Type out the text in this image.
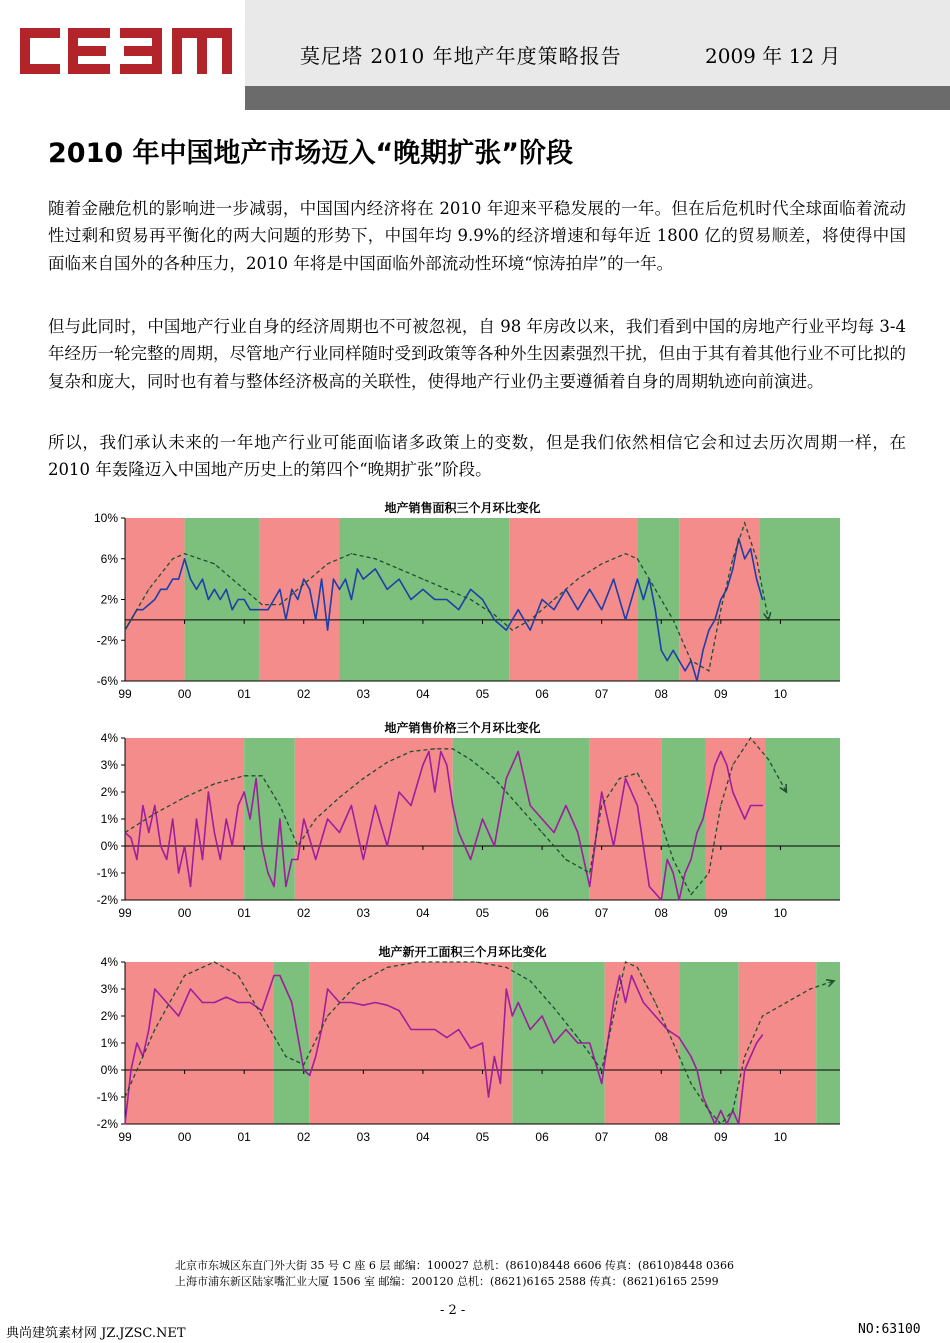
莫尼塔 2010 年地产年度策略报告	2009 年 12 月
2010 年中国地产市场迈入“晚期扩张”阶段

随着金融危机的影响进一步减弱，中国国内经济将在 2010 年迎来平稳发展的一年。但在后危机时代全球面临着流动性过剩和贸易再平衡化的两大问题的形势下，中国年均 9.9%的经济增速和每年近 1800 亿的贸易顺差，将使得中国面临来自国外的各种压力，2010 年将是中国面临外部流动性环境“惊涛拍岸”的一年。

但与此同时，中国地产行业自身的经济周期也不可被忽视，自 98 年房改以来，我们看到中国的房地产行业平均每 3-4 年经历一轮完整的周期，尽管地产行业同样随时受到政策等各种外生因素强烈干扰，但由于其有着其他行业不可比拟的复杂和庞大，同时也有着与整体经济极高的关联性，使得地产行业仍主要遵循着自身的周期轨迹向前演进。

所以，我们承认未来的一年地产行业可能面临诸多政策上的变数，但是我们依然相信它会和过去历次周期一样，在 2010 年轰隆迈入中国地产历史上的第四个“晚期扩张”阶段。

地产销售面积三个月环比变化
10%
6%
2%
-2%
-6%
99	00	01	02	03	04	05	06	07	08	09	10
地产销售价格三个月环比变化
4%
3%
2%
1%
0%
-1%
-2%
99	00	01	02	03	04	05	06	07	08	09	10
地产新开工面积三个月环比变化
4%
3%
2%
1%
0%
-1%
-2%
99	00	01	02	03	04	05	06	07	08	09	10
北京市东城区东直门外大街 35 号 C 座 6 层 邮编：100027 总机：(8610)8448 6606 传真：(8610)8448 0366
上海市浦东新区陆家嘴汇业大厦 1506 室 邮编：200120 总机：(8621)6165 2588 传真：(8621)6165 2599
- 2 -
典尚建筑素材网 JZ.JZSC.NET	NO:63100
